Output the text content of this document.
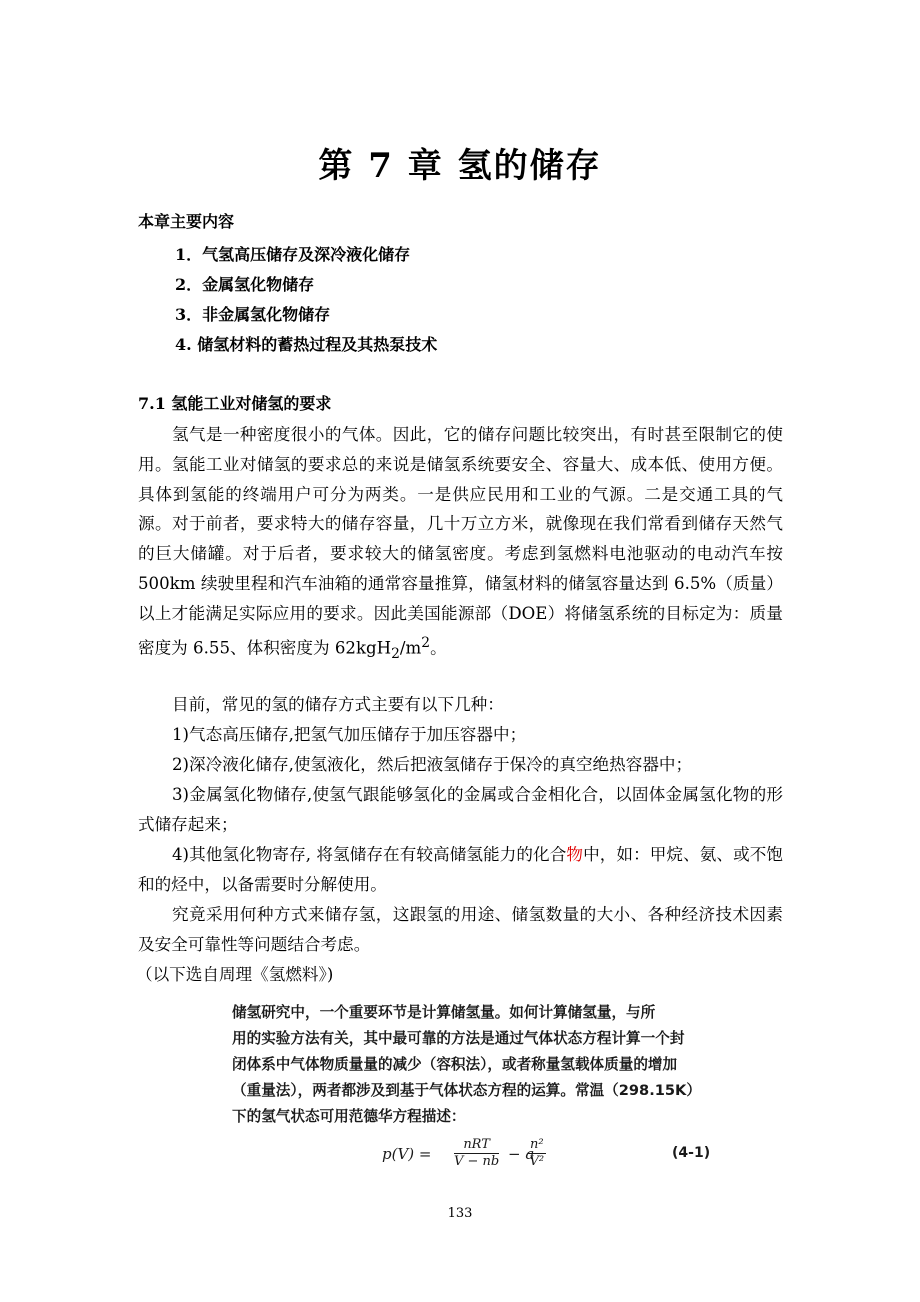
第 7 章 氢的储存
本章主要内容
1．气氢高压储存及深冷液化储存
2．金属氢化物储存
3．非金属氢化物储存
4. 储氢材料的蓄热过程及其热泵技术
7.1 氢能工业对储氢的要求

氢气是一种密度很小的气体。因此，它的储存问题比较突出，有时甚至限制它的使用。氢能工业对储氢的要求总的来说是储氢系统要安全、容量大、成本低、使用方便。具体到氢能的终端用户可分为两类。一是供应民用和工业的气源。二是交通工具的气源。对于前者，要求特大的储存容量，几十万立方米，就像现在我们常看到储存天然气的巨大储罐。对于后者，要求较大的储氢密度。考虑到氢燃料电池驱动的电动汽车按 500km 续驶里程和汽车油箱的通常容量推算，储氢材料的储氢容量达到 6.5%（质量）以上才能满足实际应用的要求。因此美国能源部（DOE）将储氢系统的目标定为：质量密度为 6.55、体积密度为 $62kgH_2/m^2$。

目前，常见的氢的储存方式主要有以下几种：

1)气态高压储存,把氢气加压储存于加压容器中；

2)深冷液化储存,使氢液化，然后把液氢储存于保冷的真空绝热容器中；

3)金属氢化物储存,使氢气跟能够氢化的金属或合金相化合，以固体金属氢化物的形式储存起来；

4)其他氢化物寄存, 将氢储存在有较高储氢能力的化合物中，如：甲烷、氨、或不饱和的烃中，以备需要时分解使用。

究竟采用何种方式来储存氢，这跟氢的用途、储氢数量的大小、各种经济技术因素及安全可靠性等问题结合考虑。

（以下选自周理《氢燃料》)
储氢研究中，一个重要环节是计算储氢量。如何计算储氢量，与所
用的实验方法有关，其中最可靠的方法是通过气体状态方程计算一个封
闭体系中气体物质量量的减少（容积法），或者称量氢载体质量的增加
（重量法），两者都涉及到基于气体状态方程的运算。常温（298.15K）
下的氢气状态可用范德华方程描述：
p(V) =
nRT
V − nb − a
$\frac{\text{n²}}{\text{V²}}$	(4-1)
133
